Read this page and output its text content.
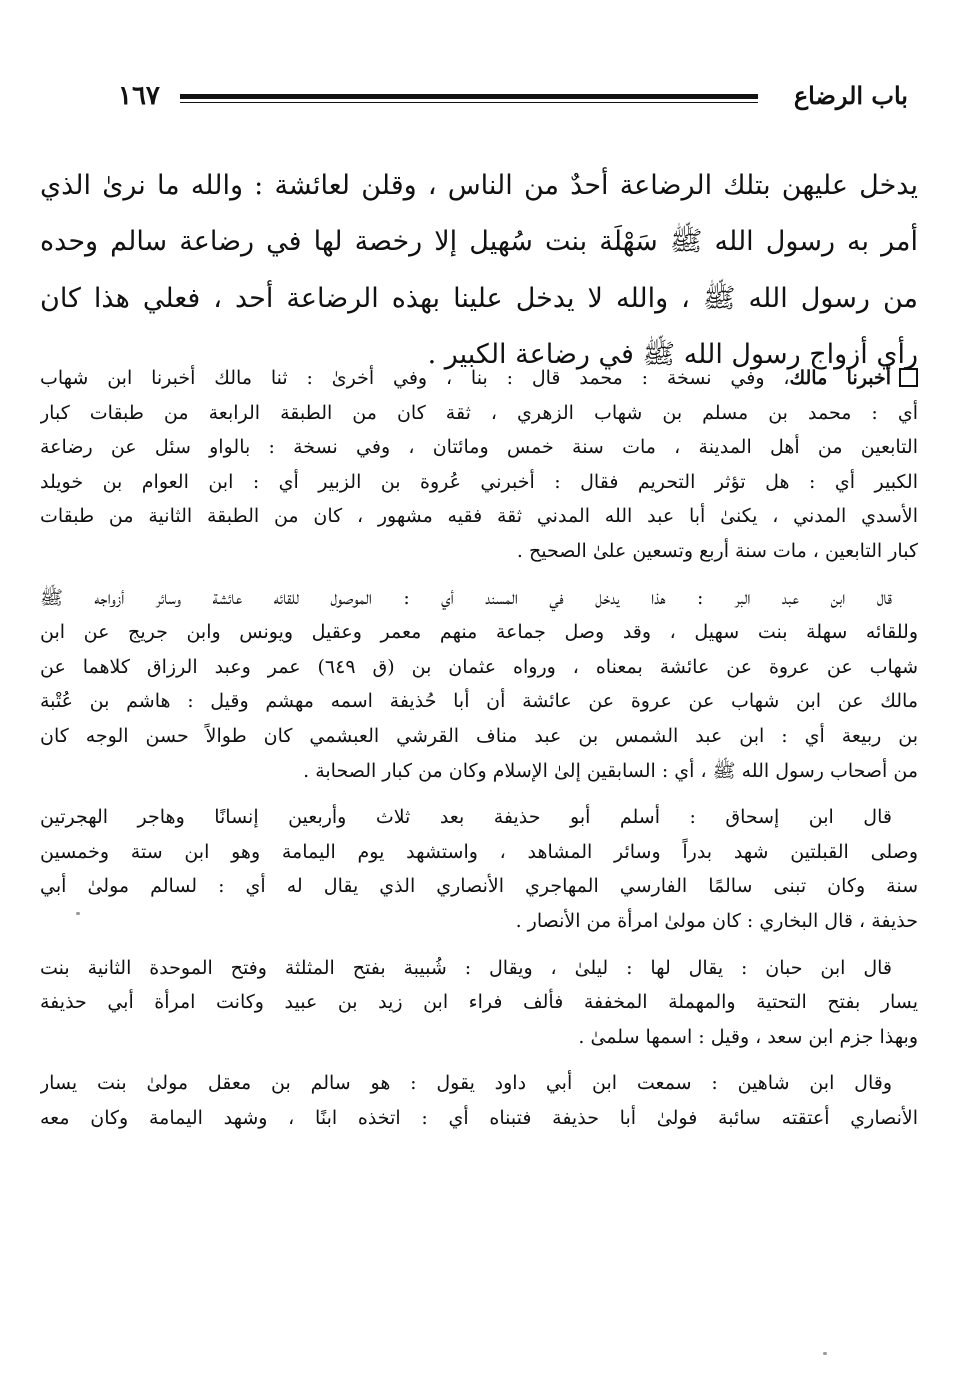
باب الرضاع
١٦٧
يدخل عليهن بتلك الرضاعة أحدٌ من الناس ، وقلن لعائشة : والله ما نرىٰ الذي
أمر به رسول الله ﷺ سَهْلَة بنت سُهيل إلا رخصة لها في رضاعة سالم وحده
من رسول الله ﷺ ، والله لا يدخل علينا بهذه الرضاعة أحد ، فعلي هذا كان
رأي أزواج رسول الله ﷺ في رضاعة الكبير .
أخبرنا مالك، وفي نسخة : محمد قال : بنا ، وفي أخرىٰ : ثنا مالك أخبرنا ابن شهاب
أي : محمد بن مسلم بن شهاب الزهري ، ثقة كان من الطبقة الرابعة من طبقات كبار
التابعين من أهل المدينة ، مات سنة خمس ومائتان ، وفي نسخة : بالواو سئل عن رضاعة
الكبير أي : هل تؤثر التحريم فقال : أخبرني عُروة بن الزبير أي : ابن العوام بن خويلد
الأسدي المدني ، يكنىٰ أبا عبد الله المدني ثقة فقيه مشهور ، كان من الطبقة الثانية من طبقات
كبار التابعين ، مات سنة أربع وتسعين علىٰ الصحيح .
قال ابن عبد البر : هذا يدخل في المسند أي : الموصول للقائه عائشة وسائر أزواجه ﷺ
وللقائه سهلة بنت سهيل ، وقد وصل جماعة منهم معمر وعقيل ويونس وابن جريج عن ابن
شهاب عن عروة عن عائشة بمعناه ، ورواه عثمان بن (ق ٦٤٩) عمر وعبد الرزاق كلاهما عن
مالك عن ابن شهاب عن عروة عن عائشة أن أبا حُذيفة اسمه مهشم وقيل : هاشم بن عُتْبة
بن ربيعة أي : ابن عبد الشمس بن عبد مناف القرشي العبشمي كان طوالاً حسن الوجه كان
من أصحاب رسول الله ﷺ ، أي : السابقين إلىٰ الإسلام وكان من كبار الصحابة .
قال ابن إسحاق : أسلم أبو حذيفة بعد ثلاث وأربعين إنسانًا وهاجر الهجرتين
وصلى القبلتين شهد بدراً وسائر المشاهد ، واستشهد يوم اليمامة وهو ابن ستة وخمسين
سنة وكان تبنى سالمًا الفارسي المهاجري الأنصاري الذي يقال له أي : لسالم مولىٰ أبي
حذيفة ، قال البخاري : كان مولىٰ امرأة من الأنصار .
قال ابن حبان : يقال لها : ليلىٰ ، ويقال : شُبيبة بفتح المثلثة وفتح الموحدة الثانية بنت
يسار بفتح التحتية والمهملة المخففة فألف فراء ابن زيد بن عبيد وكانت امرأة أبي حذيفة
وبهذا جزم ابن سعد ، وقيل : اسمها سلمىٰ .
وقال ابن شاهين : سمعت ابن أبي داود يقول : هو سالم بن معقل مولىٰ بنت يسار
الأنصاري أعتقته سائبة فولىٰ أبا حذيفة فتبناه أي : اتخذه ابنًا ، وشهد اليمامة وكان معه
